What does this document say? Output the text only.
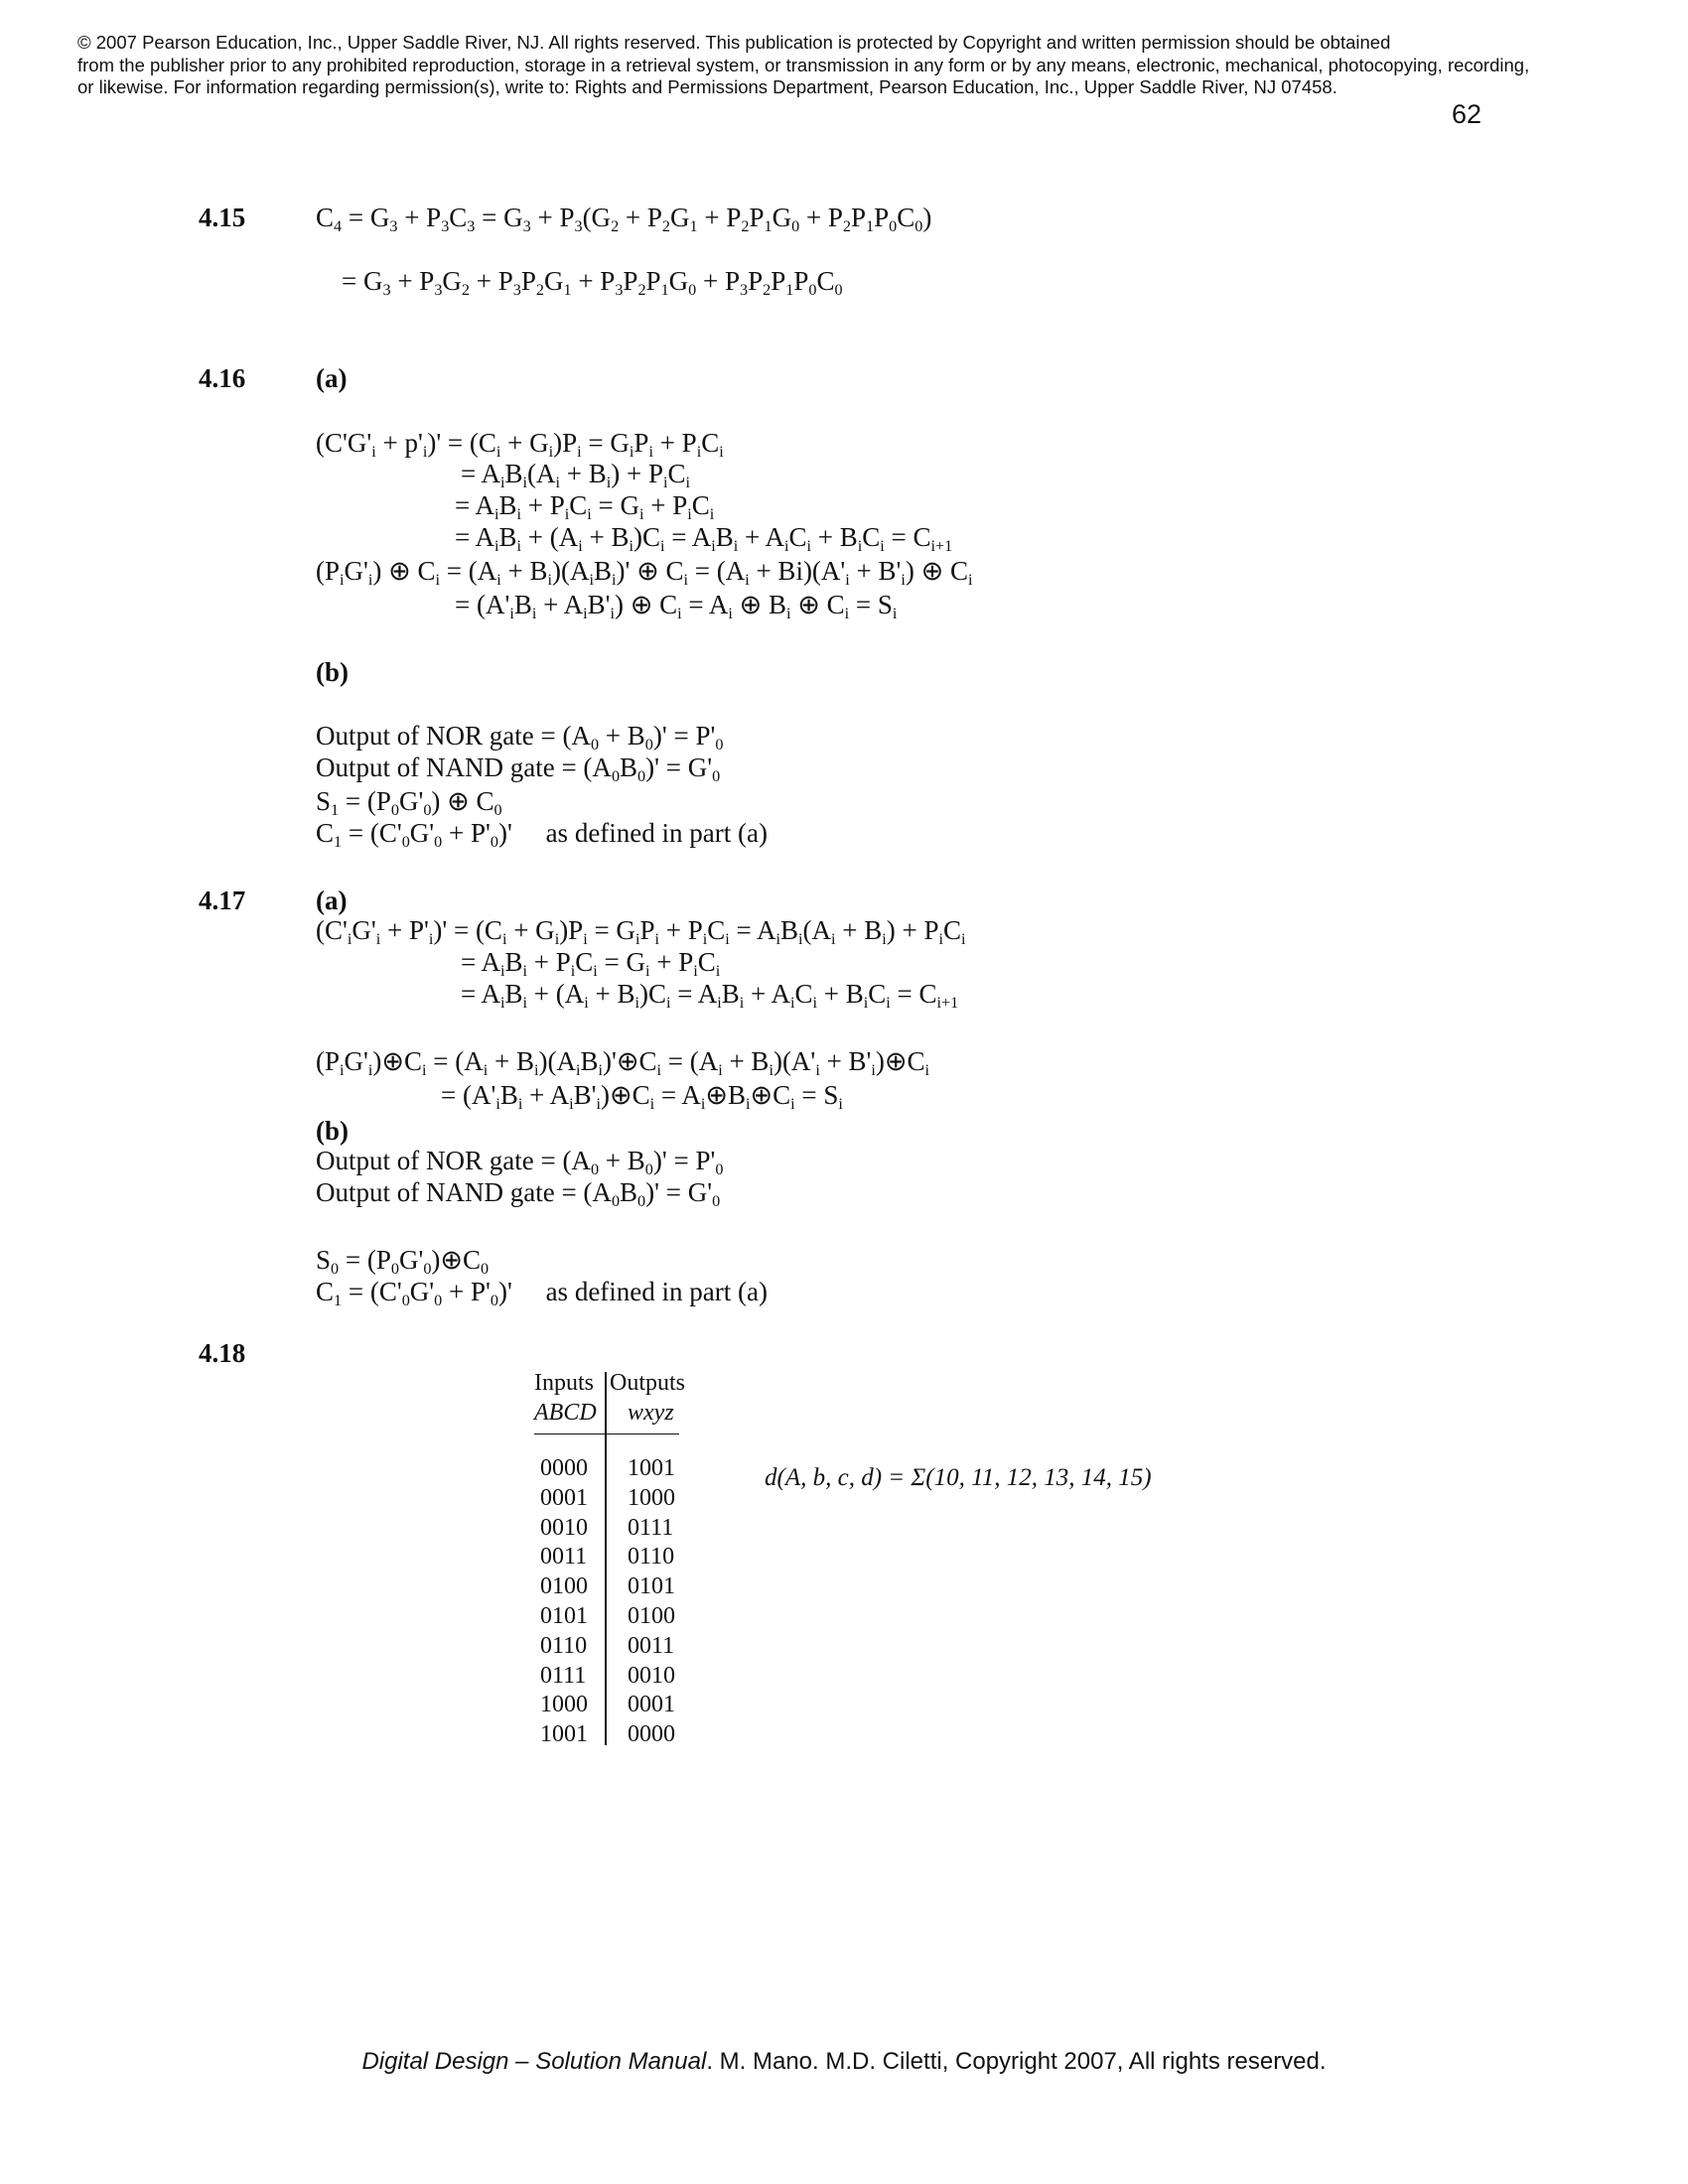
© 2007 Pearson Education, Inc., Upper Saddle River, NJ. All rights reserved. This publication is protected by Copyright and written permission should be obtained
from the publisher prior to any prohibited reproduction, storage in a retrieval system, or transmission in any form or by any means, electronic, mechanical, photocopying, recording,
or likewise. For information regarding permission(s), write to: Rights and Permissions Department, Pearson Education, Inc., Upper Saddle River, NJ 07458.
62
4.15	$C_4 = G_3 + P_3C_3 = G_3 + P_3(G_2 + P_2G_1 + P_2P_1G_0 + P_2P_1P_0C_0)$
= $G_3 + P_3G_2 + P_3P_2G_1 + P_3P_2P_1G_0 + P_3P_2P_1P_0C_0$
4.16	(a)
$(C'G'_i + p'_i)' = (C_i + G_i)P_i = G_iP_i + P_iC_i$
= $A_iB_i(A_i + B_i) + P_iC_i$
= $A_iB_i + P_iC_i = G_i + P_iC_i$
= $A_iB_i + (A_i + B_i)C_i = A_iB_i + A_iC_i + B_iC_i = C_{i+1}$
$(P_iG'_i)$ ⊕ $C_i = (A_i + B_i)(A_iB_i)'$ ⊕ $C_i = (A_i + Bi)(A'_i + B'_i)$ ⊕ $C_i$
= $(A'_iB_i + A_iB'_i)$ ⊕ $C_i = A_i$ ⊕ $B_i$ ⊕ $C_i = S_i$
(b)
Output of NOR gate = $(A_0 + B_0)' = P'_0$
Output of NAND gate = $(A_0B_0)' = G'_0$
$S_1 = (P_0G'_0)$ ⊕ $C_0$
$C_1 = (C'_0G'_0 + P'_0)'$     as defined in part (a)
4.17	(a)
$(C'_iG'_i + P'_i)' = (C_i + G_i)P_i = G_iP_i + P_iC_i = A_iB_i(A_i + B_i) + P_iC_i$
= $A_iB_i + P_iC_i = G_i + P_iC_i$
= $A_iB_i + (A_i + B_i)C_i = A_iB_i + A_iC_i + B_iC_i = C_{i+1}$
$(P_iG'_i)\oplus C_i = (A_i$ + $B_i)(A_iB_i)'\oplus C_i = (A_i + B_i)(A'_i$ + $B'_i)\oplus C_i$
= ($A'_iB_i$ + $A_iB'_i)\oplus C_i$ = $A_i\oplus B_i\oplus C_i = S_i$
(b)
Output of NOR gate = $(A_0 + B_0)' = P'_0$
Output of NAND gate = $(A_0B_0)' = G'_0$
$S_0$ = $(P_0G'_0)\oplus C_0$
$C_1 = (C'_0G'_0 + P'_0)'$     as defined in part (a)
4.18
Inputs Outputs
ABCD wxyz
0000 1001
0001 1000
0010 0111
0011 0110
0100 0101
0101 0100
0110 0011
0111 0010
1000 0001
1001 0000
d(A, b, c, d) = Σ(10, 11, 12, 13, 14, 15)
Digital Design – Solution Manual. M. Mano. M.D. Ciletti, Copyright 2007, All rights reserved.
